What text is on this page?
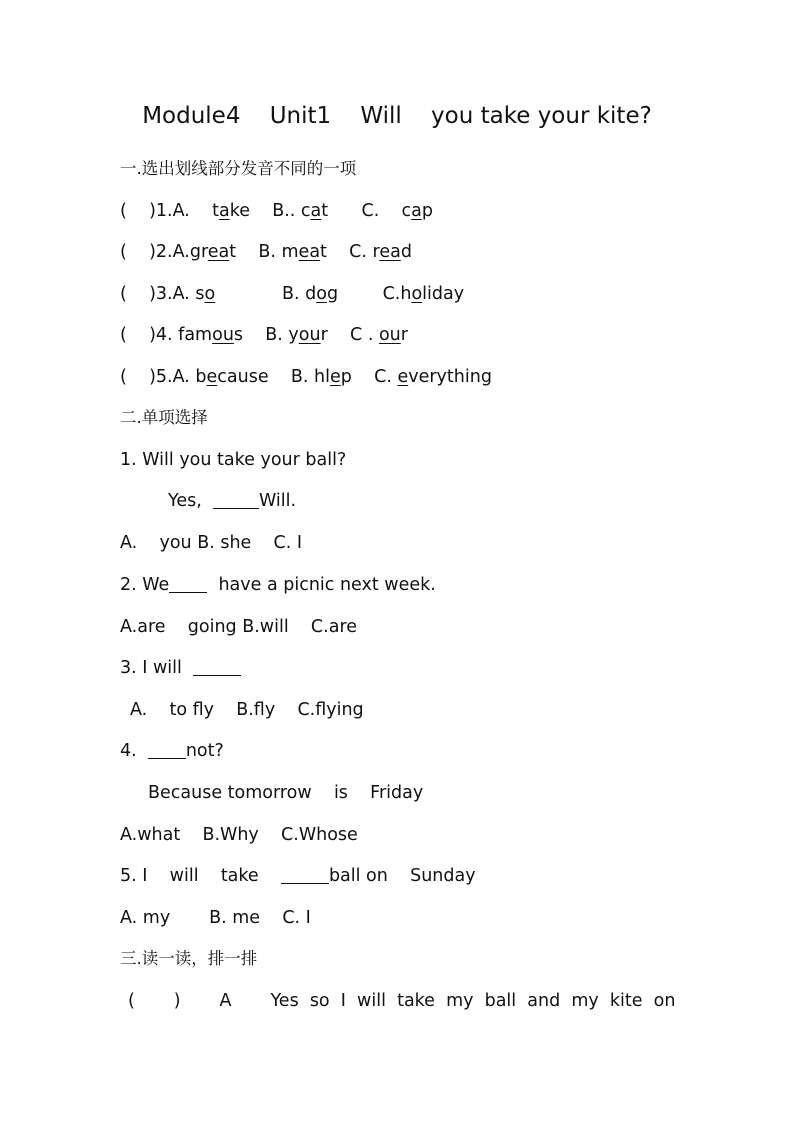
Module4    Unit1    Will    you take your kite?
一.选出划线部分发音不同的一项
(    )1.A.    take    B.. cat      C.    cap
(    )2.A.great    B. meat    C. read
(    )3.A. so            B. dog        C.holiday
(    )4. famous    B. your    C . our
(    )5.A. because    B. hlep    C. everything
二.单项选择
1. Will you take your ball?
Yes,	Will.
A.    you B. she    C. I
2. We  have a picnic next week.
A.are    going B.will    C.are
3. I will
A.    to fly    B.fly    C.flying
4.  not?
Because tomorrow    is    Friday
A.what    B.Why    C.Whose
5. I    will    take	ball on    Sunday
A. my       B. me    C. I
三.读一读，排一排
(       )       A       Yes  so  I  will  take  my  ball  and  my  kite  on
